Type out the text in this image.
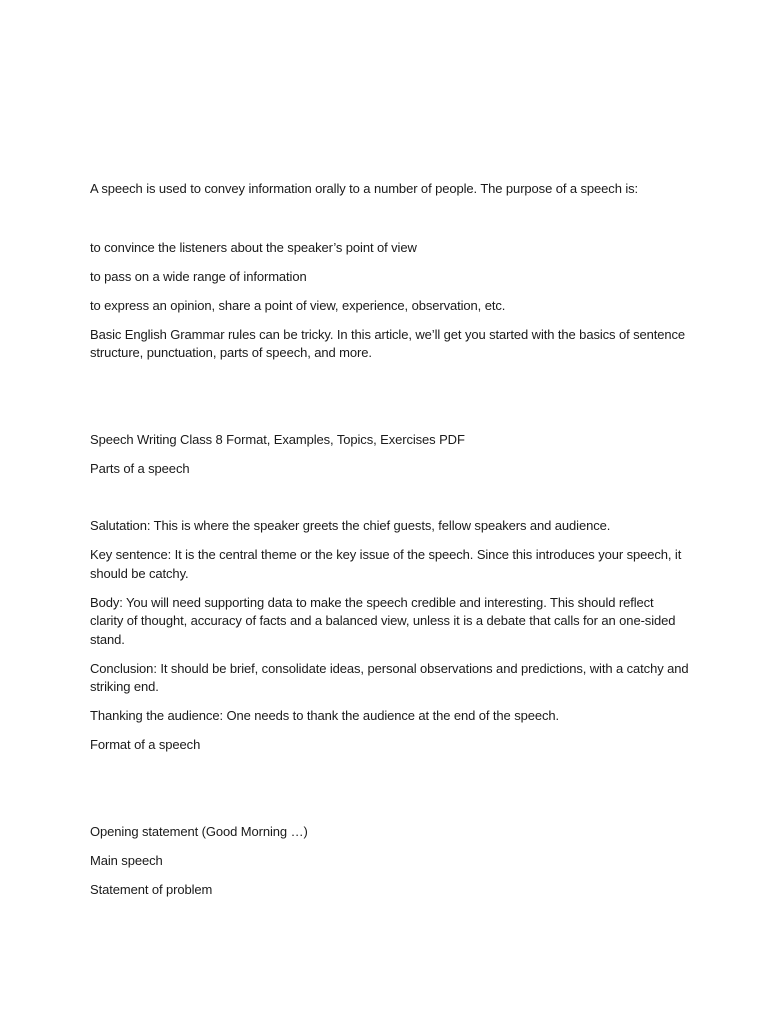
A speech is used to convey information orally to a number of people. The purpose of a speech is:

to convince the listeners about the speaker’s point of view

to pass on a wide range of information

to express an opinion, share a point of view, experience, observation, etc.

Basic English Grammar rules can be tricky. In this article, we’ll get you started with the basics of sentence structure, punctuation, parts of speech, and more.

Speech Writing Class 8 Format, Examples, Topics, Exercises PDF

Parts of a speech

Salutation: This is where the speaker greets the chief guests, fellow speakers and audience.

Key sentence: It is the central theme or the key issue of the speech. Since this introduces your speech, it should be catchy.

Body: You will need supporting data to make the speech credible and interesting. This should reflect clarity of thought, accuracy of facts and a balanced view, unless it is a debate that calls for an one-sided stand.

Conclusion: It should be brief, consolidate ideas, personal observations and predictions, with a catchy and striking end.

Thanking the audience: One needs to thank the audience at the end of the speech.

Format of a speech

Opening statement (Good Morning …)

Main speech

Statement of problem
